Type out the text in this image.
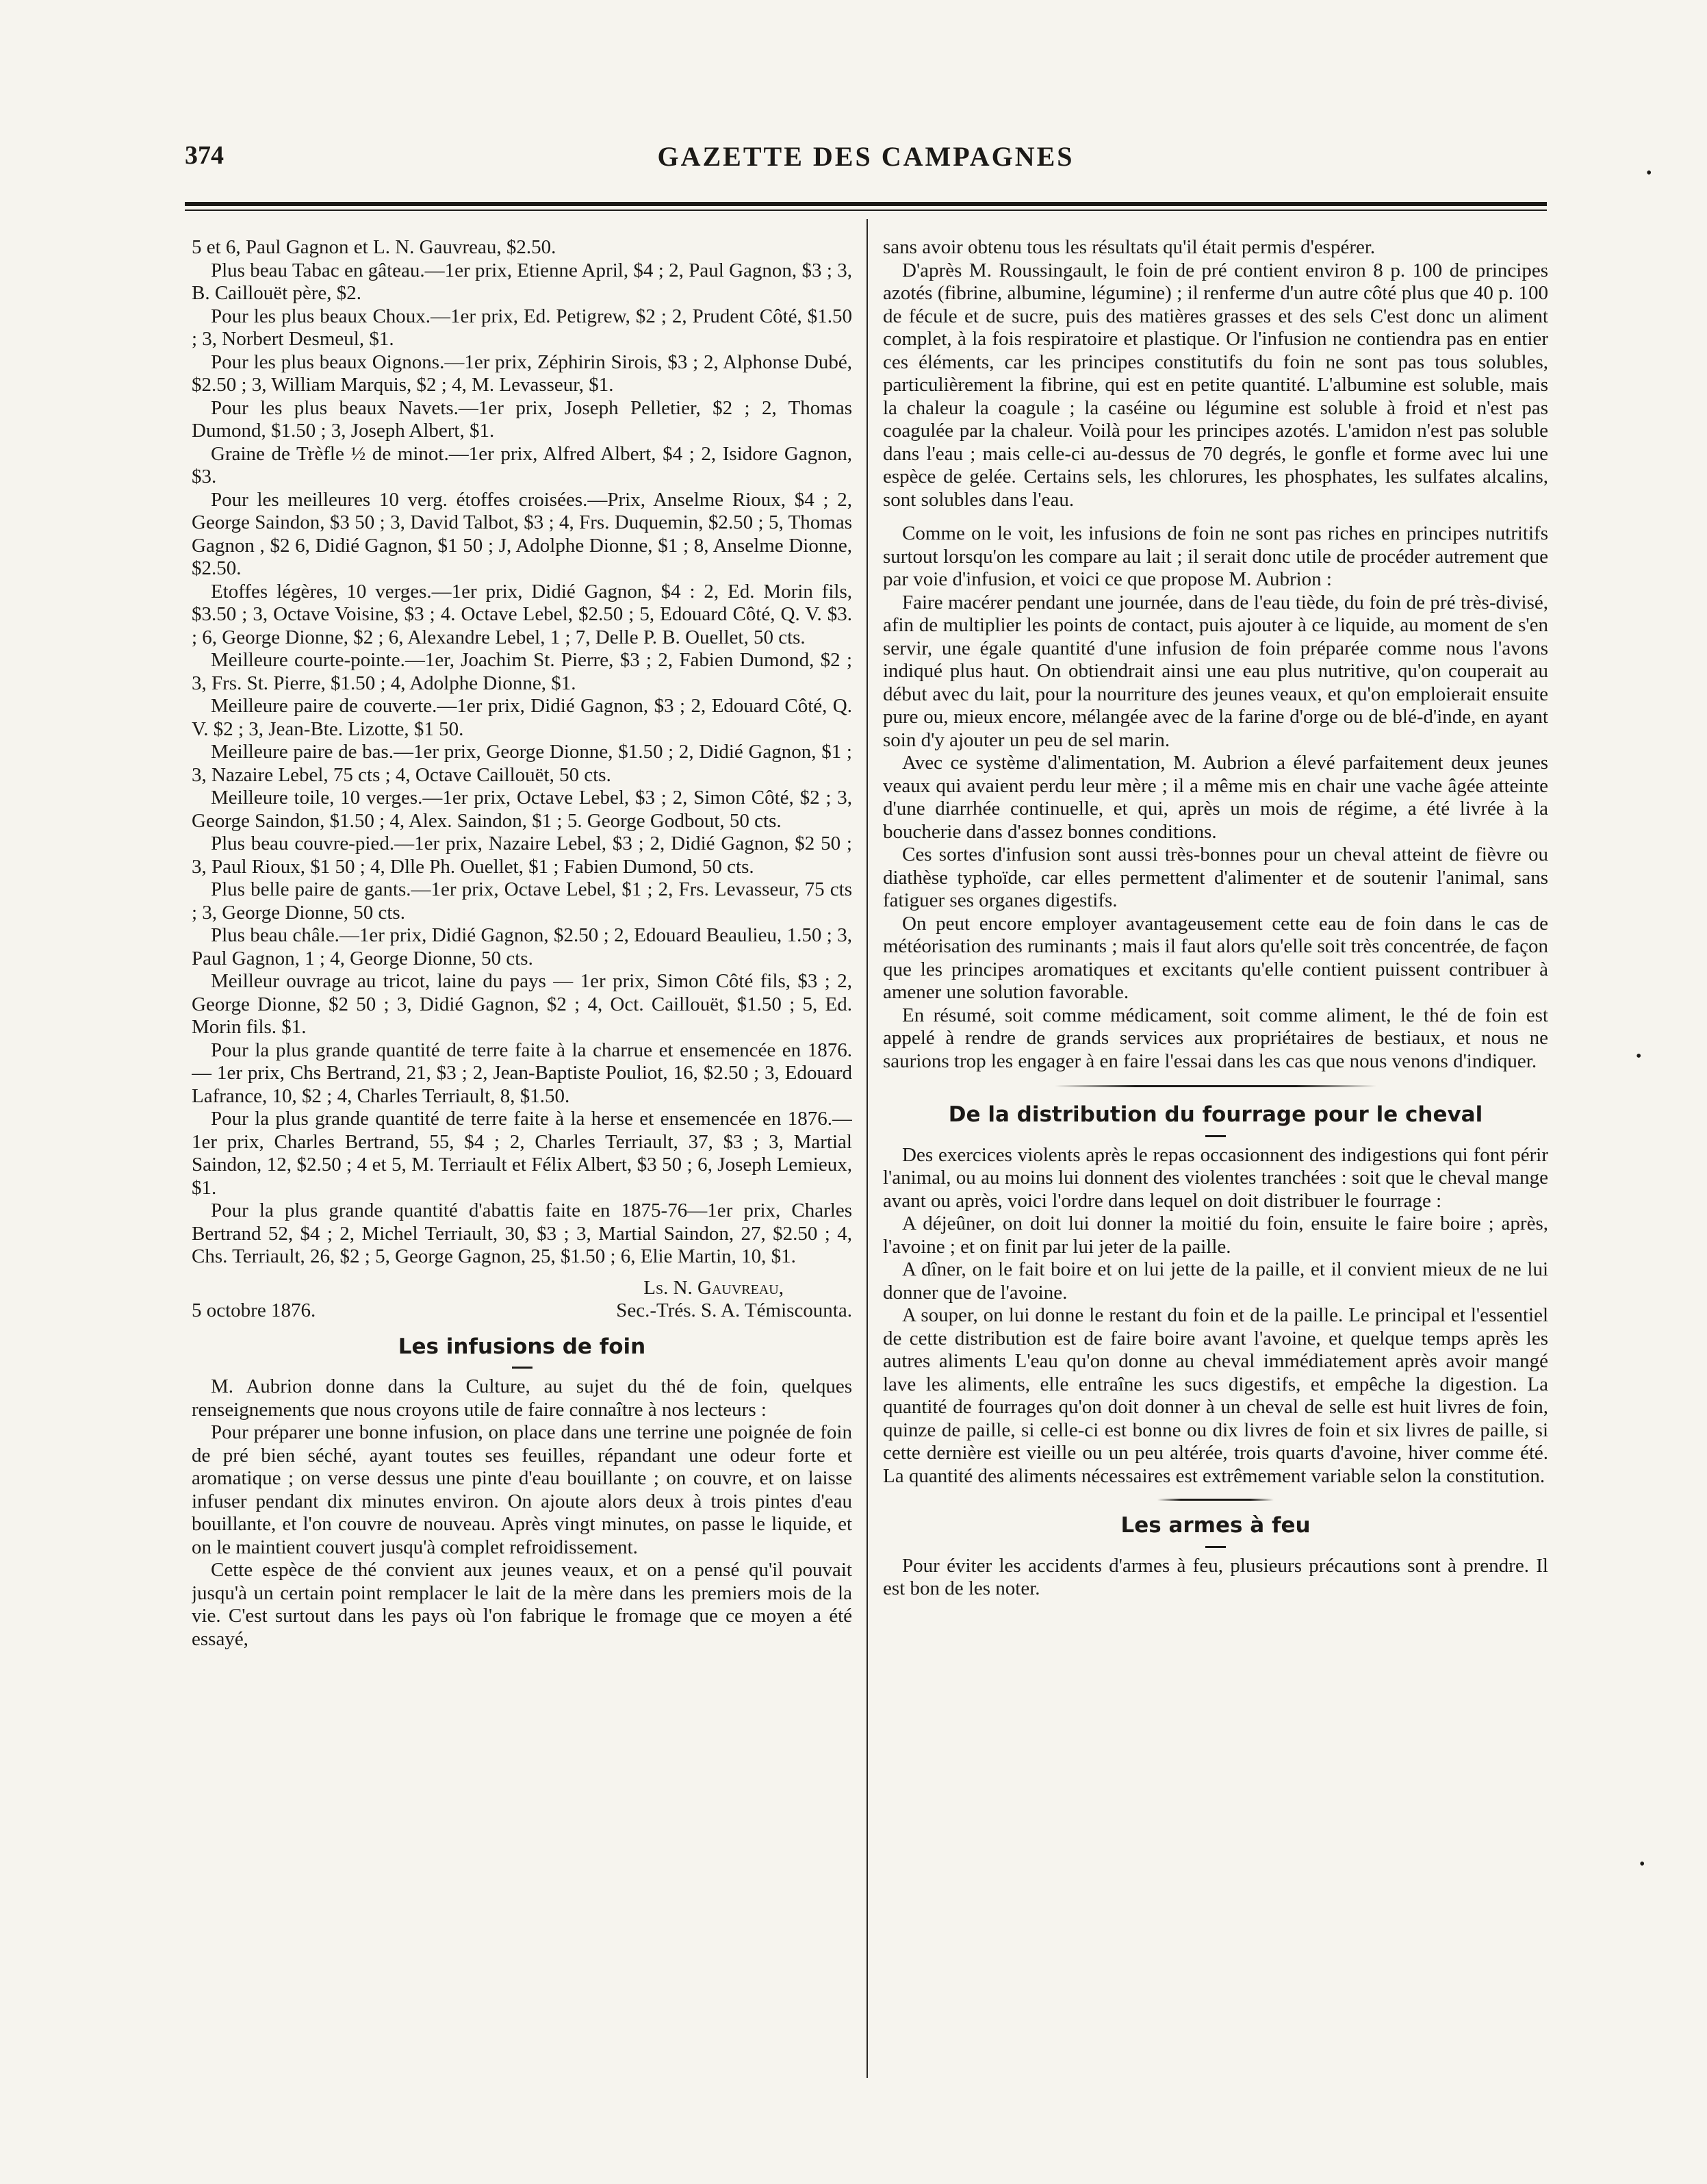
374	GAZETTE DES CAMPAGNES

5 et 6, Paul Gagnon et L. N. Gauvreau, $2.50.

Plus beau Tabac en gâteau.—1er prix, Etienne April, $4 ; 2, Paul Gagnon, $3 ; 3, B. Caillouët père, $2.

Pour les plus beaux Choux.—1er prix, Ed. Petigrew, $2 ; 2, Prudent Côté, $1.50 ; 3, Norbert Desmeul, $1.

Pour les plus beaux Oignons.—1er prix, Zéphirin Sirois, $3 ; 2, Alphonse Dubé, $2.50 ; 3, William Marquis, $2 ; 4, M. Levasseur, $1.

Pour les plus beaux Navets.—1er prix, Joseph Pelletier, $2 ; 2, Thomas Dumond, $1.50 ; 3, Joseph Albert, $1.

Graine de Trèfle ½ de minot.—1er prix, Alfred Albert, $4 ; 2, Isidore Gagnon, $3.

Pour les meilleures 10 verg. étoffes croisées.—Prix, Anselme Rioux, $4 ; 2, George Saindon, $3 50 ; 3, David Talbot, $3 ; 4, Frs. Duquemin, $2.50 ; 5, Thomas Gagnon , $2 6, Didié Gagnon, $1 50 ; J, Adolphe Dionne, $1 ; 8, Anselme Dionne, $2.50.

Etoffes légères, 10 verges.—1er prix, Didié Gagnon, $4 : 2, Ed. Morin fils, $3.50 ; 3, Octave Voisine, $3 ; 4. Octave Lebel, $2.50 ; 5, Edouard Côté, Q. V. $3. ; 6, George Dionne, $2 ; 6, Alexandre Lebel, 1 ; 7, Delle P. B. Ouellet, 50 cts.

Meilleure courte-pointe.—1er, Joachim St. Pierre, $3 ; 2, Fabien Dumond, $2 ; 3, Frs. St. Pierre, $1.50 ; 4, Adolphe Dionne, $1.

Meilleure paire de couverte.—1er prix, Didié Gagnon, $3 ; 2, Edouard Côté, Q. V. $2 ; 3, Jean-Bte. Lizotte, $1 50.

Meilleure paire de bas.—1er prix, George Dionne, $1.50 ; 2, Didié Gagnon, $1 ; 3, Nazaire Lebel, 75 cts ; 4, Octave Caillouët, 50 cts.

Meilleure toile, 10 verges.—1er prix, Octave Lebel, $3 ; 2, Simon Côté, $2 ; 3, George Saindon, $1.50 ; 4, Alex. Saindon, $1 ; 5. George Godbout, 50 cts.

Plus beau couvre-pied.—1er prix, Nazaire Lebel, $3 ; 2, Didié Gagnon, $2 50 ; 3, Paul Rioux, $1 50 ; 4, Dlle Ph. Ouellet, $1 ; Fabien Dumond, 50 cts.

Plus belle paire de gants.—1er prix, Octave Lebel, $1 ; 2, Frs. Levasseur, 75 cts ; 3, George Dionne, 50 cts.

Plus beau châle.—1er prix, Didié Gagnon, $2.50 ; 2, Edouard Beaulieu, 1.50 ; 3, Paul Gagnon, 1 ; 4, George Dionne, 50 cts.

Meilleur ouvrage au tricot, laine du pays — 1er prix, Simon Côté fils, $3 ; 2, George Dionne, $2 50 ; 3, Didié Gagnon, $2 ; 4, Oct. Caillouët, $1.50 ; 5, Ed. Morin fils. $1.

Pour la plus grande quantité de terre faite à la charrue et ensemencée en 1876. — 1er prix, Chs Bertrand, 21, $3 ; 2, Jean-Baptiste Pouliot, 16, $2.50 ; 3, Edouard Lafrance, 10, $2 ; 4, Charles Terriault, 8, $1.50.

Pour la plus grande quantité de terre faite à la herse et ensemencée en 1876.—1er prix, Charles Bertrand, 55, $4 ; 2, Charles Terriault, 37, $3 ; 3, Martial Saindon, 12, $2.50 ; 4 et 5, M. Terriault et Félix Albert, $3 50 ; 6, Joseph Lemieux, $1.

Pour la plus grande quantité d'abattis faite en 1875-76—1er prix, Charles Bertrand 52, $4 ; 2, Michel Terriault, 30, $3 ; 3, Martial Saindon, 27, $2.50 ; 4, Chs. Terriault, 26, $2 ; 5, George Gagnon, 25, $1.50 ; 6, Elie Martin, 10, $1.

Ls. N. Gauvreau,
5 octobre 1876.	Sec.-Trés. S. A. Témiscounta.
Les infusions de foin

M. Aubrion donne dans la Culture, au sujet du thé de foin, quelques renseignements que nous croyons utile de faire connaître à nos lecteurs :

Pour préparer une bonne infusion, on place dans une terrine une poignée de foin de pré bien séché, ayant toutes ses feuilles, répandant une odeur forte et aromatique ; on verse dessus une pinte d'eau bouillante ; on couvre, et on laisse infuser pendant dix minutes environ. On ajoute alors deux à trois pintes d'eau bouillante, et l'on couvre de nouveau. Après vingt minutes, on passe le liquide, et on le maintient couvert jusqu'à complet refroidissement.

Cette espèce de thé convient aux jeunes veaux, et on a pensé qu'il pouvait jusqu'à un certain point remplacer le lait de la mère dans les premiers mois de la vie. C'est surtout dans les pays où l'on fabrique le fromage que ce moyen a été essayé,

sans avoir obtenu tous les résultats qu'il était permis d'espérer.

D'après M. Roussingault, le foin de pré contient environ 8 p. 100 de principes azotés (fibrine, albumine, légumine) ; il renferme d'un autre côté plus que 40 p. 100 de fécule et de sucre, puis des matières grasses et des sels C'est donc un aliment complet, à la fois respiratoire et plastique. Or l'infusion ne contiendra pas en entier ces éléments, car les principes constitutifs du foin ne sont pas tous solubles, particulièrement la fibrine, qui est en petite quantité. L'albumine est soluble, mais la chaleur la coagule ; la caséine ou légumine est soluble à froid et n'est pas coagulée par la chaleur. Voilà pour les principes azotés. L'amidon n'est pas soluble dans l'eau ; mais celle-ci au-dessus de 70 degrés, le gonfle et forme avec lui une espèce de gelée. Certains sels, les chlorures, les phosphates, les sulfates alcalins, sont solubles dans l'eau.

Comme on le voit, les infusions de foin ne sont pas riches en principes nutritifs surtout lorsqu'on les compare au lait ; il serait donc utile de procéder autrement que par voie d'infusion, et voici ce que propose M. Aubrion :

Faire macérer pendant une journée, dans de l'eau tiède, du foin de pré très-divisé, afin de multiplier les points de contact, puis ajouter à ce liquide, au moment de s'en servir, une égale quantité d'une infusion de foin préparée comme nous l'avons indiqué plus haut. On obtiendrait ainsi une eau plus nutritive, qu'on couperait au début avec du lait, pour la nourriture des jeunes veaux, et qu'on emploierait ensuite pure ou, mieux encore, mélangée avec de la farine d'orge ou de blé-d'inde, en ayant soin d'y ajouter un peu de sel marin.

Avec ce système d'alimentation, M. Aubrion a élevé parfaitement deux jeunes veaux qui avaient perdu leur mère ; il a même mis en chair une vache âgée atteinte d'une diarrhée continuelle, et qui, après un mois de régime, a été livrée à la boucherie dans d'assez bonnes conditions.

Ces sortes d'infusion sont aussi très-bonnes pour un cheval atteint de fièvre ou diathèse typhoïde, car elles permettent d'alimenter et de soutenir l'animal, sans fatiguer ses organes digestifs.

On peut encore employer avantageusement cette eau de foin dans le cas de météorisation des ruminants ; mais il faut alors qu'elle soit très concentrée, de façon que les principes aromatiques et excitants qu'elle contient puissent contribuer à amener une solution favorable.

En résumé, soit comme médicament, soit comme aliment, le thé de foin est appelé à rendre de grands services aux propriétaires de bestiaux, et nous ne saurions trop les engager à en faire l'essai dans les cas que nous venons d'indiquer.

De la distribution du fourrage pour le cheval

Des exercices violents après le repas occasionnent des indigestions qui font périr l'animal, ou au moins lui donnent des violentes tranchées : soit que le cheval mange avant ou après, voici l'ordre dans lequel on doit distribuer le fourrage :

A déjeûner, on doit lui donner la moitié du foin, ensuite le faire boire ; après, l'avoine ; et on finit par lui jeter de la paille.

A dîner, on le fait boire et on lui jette de la paille, et il convient mieux de ne lui donner que de l'avoine.

A souper, on lui donne le restant du foin et de la paille. Le principal et l'essentiel de cette distribution est de faire boire avant l'avoine, et quelque temps après les autres aliments L'eau qu'on donne au cheval immédiatement après avoir mangé lave les aliments, elle entraîne les sucs digestifs, et empêche la digestion. La quantité de fourrages qu'on doit donner à un cheval de selle est huit livres de foin, quinze de paille, si celle-ci est bonne ou dix livres de foin et six livres de paille, si cette dernière est vieille ou un peu altérée, trois quarts d'avoine, hiver comme été. La quantité des aliments nécessaires est extrêmement variable selon la constitution.

Les armes à feu

Pour éviter les accidents d'armes à feu, plusieurs précautions sont à prendre. Il est bon de les noter.

•
•
•
